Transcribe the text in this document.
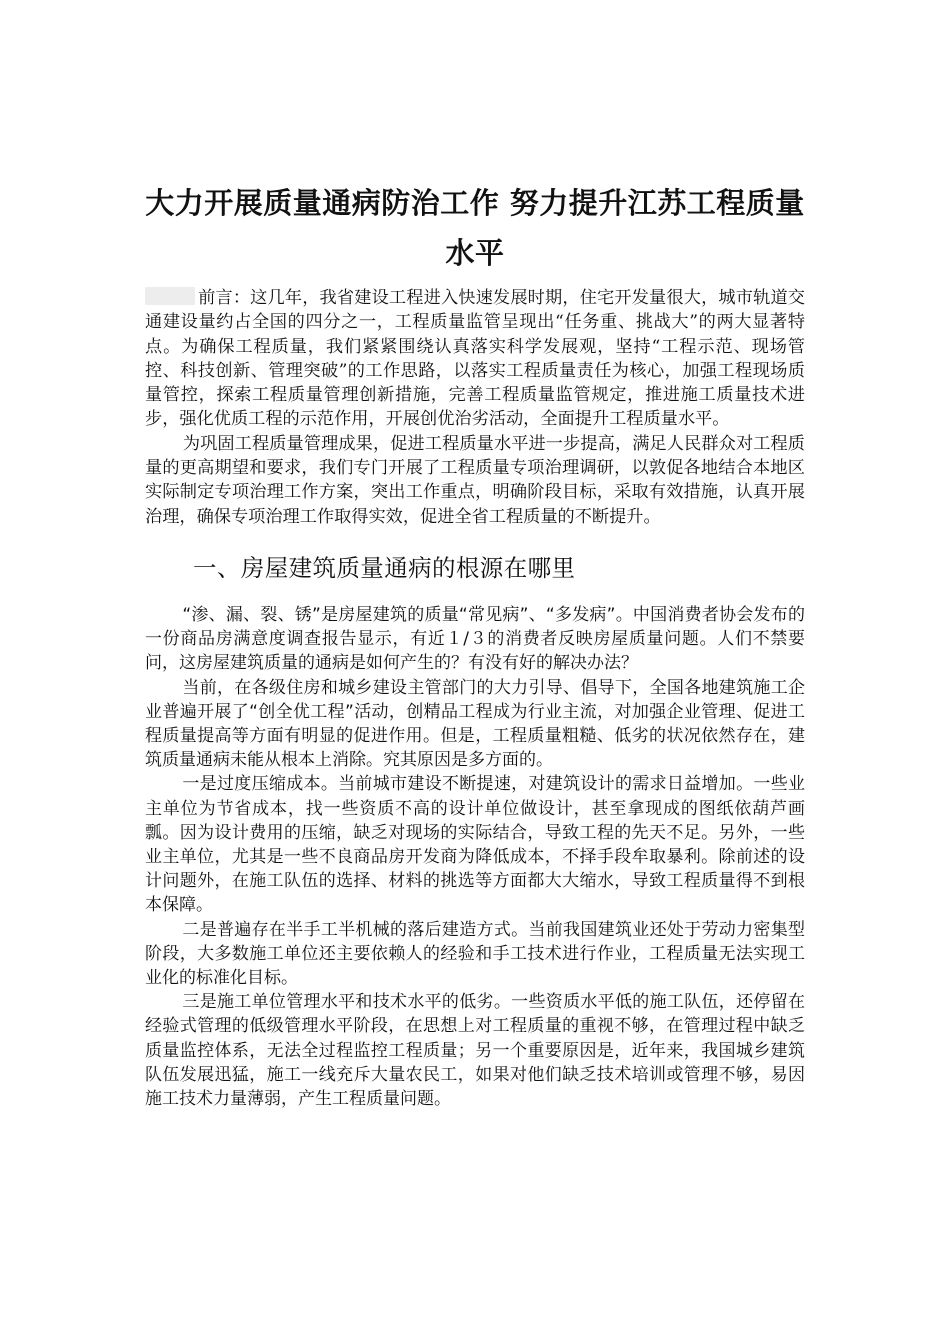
大力开展质量通病防治工作 努力提升江苏工程质量水平

前言：这几年，我省建设工程进入快速发展时期，住宅开发量很大，城市轨道交通建设量约占全国的四分之一，工程质量监管呈现出“任务重、挑战大”的两大显著特点。为确保工程质量，我们紧紧围绕认真落实科学发展观，坚持“工程示范、现场管控、科技创新、管理突破”的工作思路，以落实工程质量责任为核心，加强工程现场质量管控，探索工程质量管理创新措施，完善工程质量监管规定，推进施工质量技术进步，强化优质工程的示范作用，开展创优治劣活动，全面提升工程质量水平。

为巩固工程质量管理成果，促进工程质量水平进一步提高，满足人民群众对工程质量的更高期望和要求，我们专门开展了工程质量专项治理调研，以敦促各地结合本地区实际制定专项治理工作方案，突出工作重点，明确阶段目标，采取有效措施，认真开展治理，确保专项治理工作取得实效，促进全省工程质量的不断提升。

一、房屋建筑质量通病的根源在哪里

“渗、漏、裂、锈”是房屋建筑的质量“常见病”、“多发病”。中国消费者协会发布的一份商品房满意度调查报告显示，有近１/３的消费者反映房屋质量问题。人们不禁要问，这房屋建筑质量的通病是如何产生的？有没有好的解决办法？

当前，在各级住房和城乡建设主管部门的大力引导、倡导下，全国各地建筑施工企业普遍开展了“创全优工程”活动，创精品工程成为行业主流，对加强企业管理、促进工程质量提高等方面有明显的促进作用。但是，工程质量粗糙、低劣的状况依然存在，建筑质量通病未能从根本上消除。究其原因是多方面的。

一是过度压缩成本。当前城市建设不断提速，对建筑设计的需求日益增加。一些业主单位为节省成本，找一些资质不高的设计单位做设计，甚至拿现成的图纸依葫芦画瓢。因为设计费用的压缩，缺乏对现场的实际结合，导致工程的先天不足。另外，一些业主单位，尤其是一些不良商品房开发商为降低成本，不择手段牟取暴利。除前述的设计问题外，在施工队伍的选择、材料的挑选等方面都大大缩水，导致工程质量得不到根本保障。

二是普遍存在半手工半机械的落后建造方式。当前我国建筑业还处于劳动力密集型阶段，大多数施工单位还主要依赖人的经验和手工技术进行作业，工程质量无法实现工业化的标准化目标。

三是施工单位管理水平和技术水平的低劣。一些资质水平低的施工队伍，还停留在经验式管理的低级管理水平阶段，在思想上对工程质量的重视不够，在管理过程中缺乏质量监控体系，无法全过程监控工程质量；另一个重要原因是，近年来，我国城乡建筑队伍发展迅猛，施工一线充斥大量农民工，如果对他们缺乏技术培训或管理不够，易因施工技术力量薄弱，产生工程质量问题。
